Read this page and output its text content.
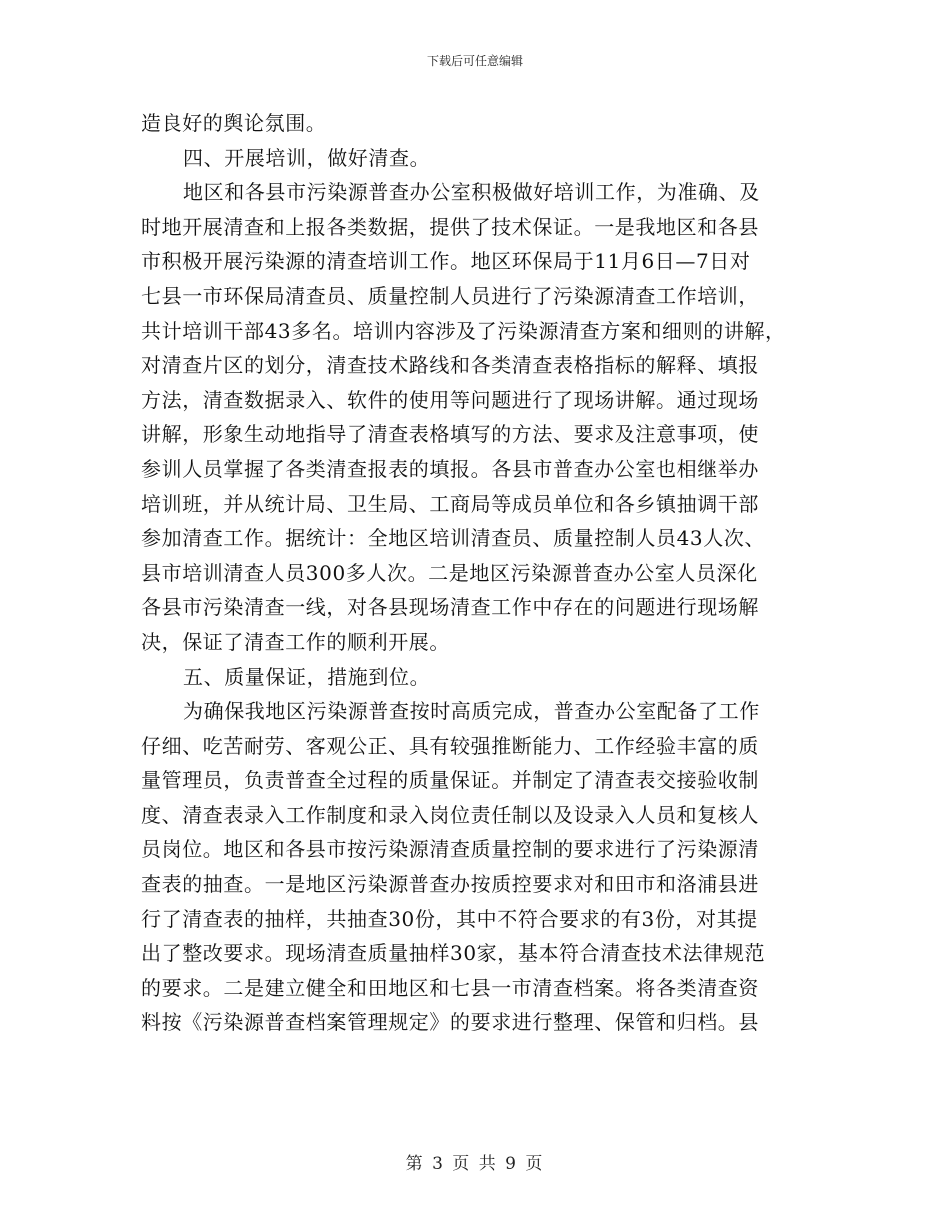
下载后可任意编辑
造良好的舆论氛围。
四、开展培训，做好清查。
地区和各县市污染源普查办公室积极做好培训工作，为准确、及
时地开展清查和上报各类数据，提供了技术保证。一是我地区和各县
市积极开展污染源的清查培训工作。地区环保局于11月6日—7日对
七县一市环保局清查员、质量控制人员进行了污染源清查工作培训，
共计培训干部43多名。培训内容涉及了污染源清查方案和细则的讲解，
对清查片区的划分，清查技术路线和各类清查表格指标的解释、填报
方法，清查数据录入、软件的使用等问题进行了现场讲解。通过现场
讲解，形象生动地指导了清查表格填写的方法、要求及注意事项，使
参训人员掌握了各类清查报表的填报。各县市普查办公室也相继举办
培训班，并从统计局、卫生局、工商局等成员单位和各乡镇抽调干部
参加清查工作。据统计：全地区培训清查员、质量控制人员43人次、
县市培训清查人员300多人次。二是地区污染源普查办公室人员深化
各县市污染清查一线，对各县现场清查工作中存在的问题进行现场解
决，保证了清查工作的顺利开展。
五、质量保证，措施到位。
为确保我地区污染源普查按时高质完成，普查办公室配备了工作
仔细、吃苦耐劳、客观公正、具有较强推断能力、工作经验丰富的质
量管理员，负责普查全过程的质量保证。并制定了清查表交接验收制
度、清查表录入工作制度和录入岗位责任制以及设录入人员和复核人
员岗位。地区和各县市按污染源清查质量控制的要求进行了污染源清
查表的抽查。一是地区污染源普查办按质控要求对和田市和洛浦县进
行了清查表的抽样，共抽查30份，其中不符合要求的有3份，对其提
出了整改要求。现场清查质量抽样30家，基本符合清查技术法律规范
的要求。二是建立健全和田地区和七县一市清查档案。将各类清查资
料按《污染源普查档案管理规定》的要求进行整理、保管和归档。县
第 3 页 共 9 页
